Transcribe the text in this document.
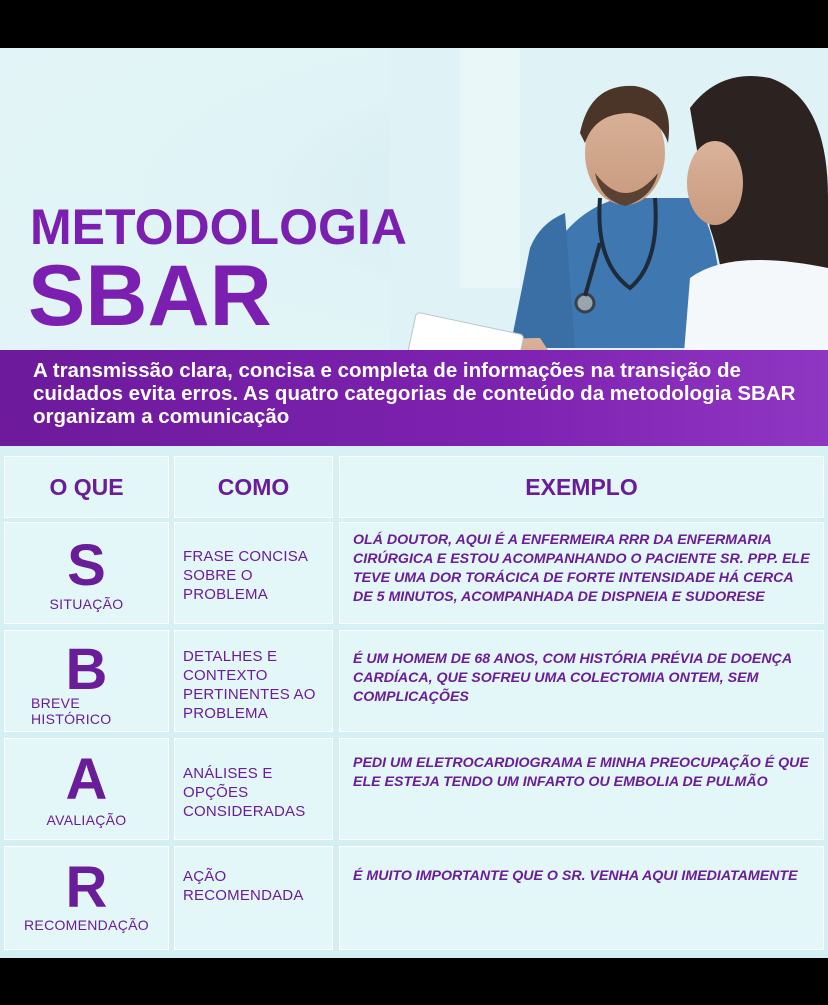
METODOLOGIA
SBAR

A transmissão clara, concisa e completa de informações na transição de cuidados evita erros. As quatro categorias de conteúdo da metodologia SBAR organizam a comunicação

O QUE	COMO	EXEMPLO
S
SITUAÇÃO
FRASE CONCISA SOBRE O PROBLEMA
OLÁ DOUTOR, AQUI É A ENFERMEIRA RRR DA ENFERMARIA CIRÚRGICA E ESTOU ACOMPANHANDO O PACIENTE SR. PPP. ELE TEVE UMA DOR TORÁCICA DE FORTE INTENSIDADE HÁ CERCA DE 5 MINUTOS, ACOMPANHADA DE DISPNEIA E SUDORESE
B
BREVE HISTÓRICO
DETALHES E CONTEXTO PERTINENTES AO PROBLEMA
É UM HOMEM DE 68 ANOS, COM HISTÓRIA PRÉVIA DE DOENÇA CARDÍACA, QUE SOFREU UMA COLECTOMIA ONTEM, SEM COMPLICAÇÕES
A
AVALIAÇÃO
ANÁLISES E OPÇÕES CONSIDERADAS
PEDI UM ELETROCARDIOGRAMA E MINHA PREOCUPAÇÃO É QUE ELE ESTEJA TENDO UM INFARTO OU EMBOLIA DE PULMÃO
R
RECOMENDAÇÃO
AÇÃO RECOMENDADA
É MUITO IMPORTANTE QUE O SR. VENHA AQUI IMEDIATAMENTE
